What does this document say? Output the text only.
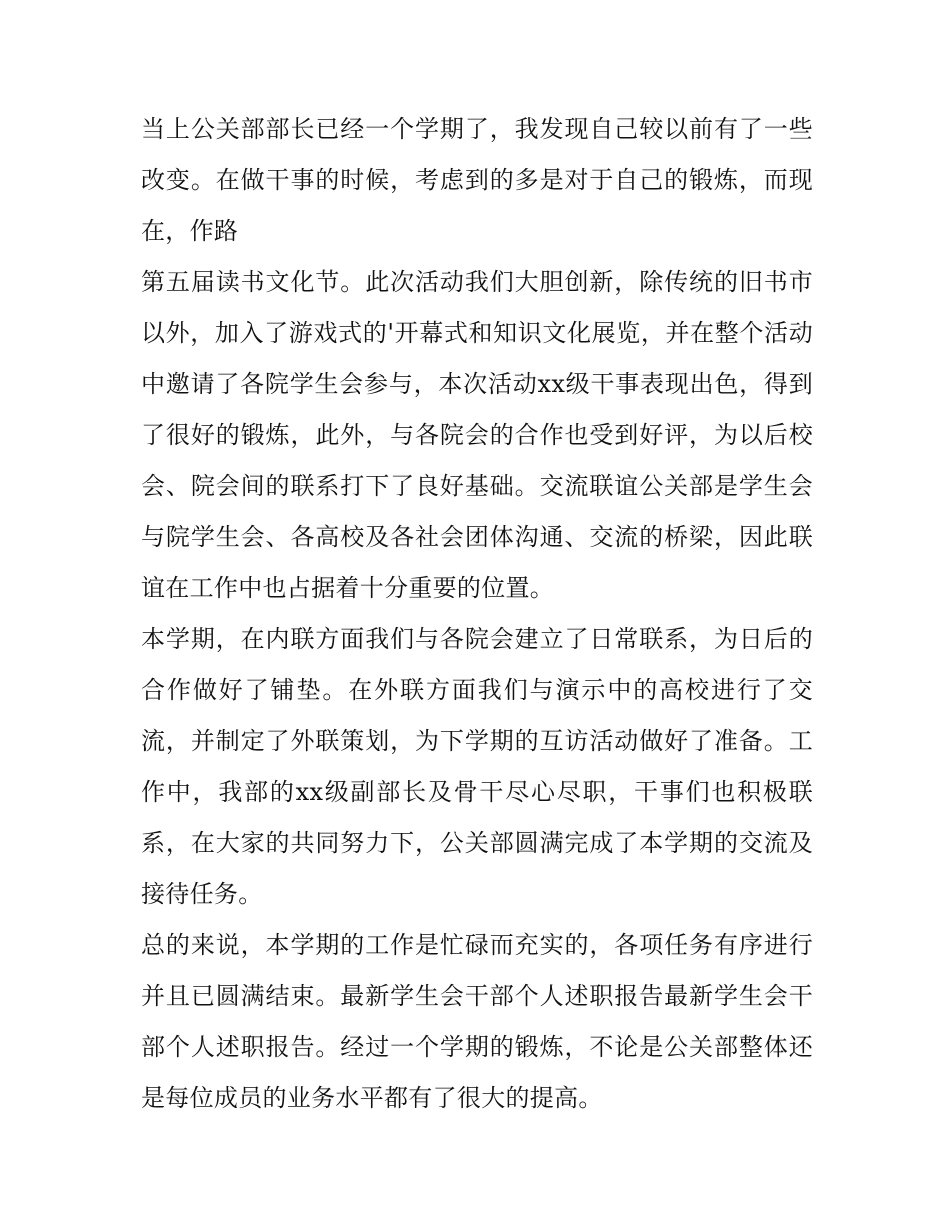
当上公关部部长已经一个学期了，我发现自己较以前有了一些改变。在做干事的时候，考虑到的多是对于自己的锻炼，而现在，作路

第五届读书文化节。此次活动我们大胆创新，除传统的旧书市以外，加入了游戏式的'开幕式和知识文化展览，并在整个活动中邀请了各院学生会参与，本次活动xx级干事表现出色，得到了很好的锻炼，此外，与各院会的合作也受到好评，为以后校会、院会间的联系打下了良好基础。交流联谊公关部是学生会与院学生会、各高校及各社会团体沟通、交流的桥梁，因此联谊在工作中也占据着十分重要的位置。

本学期，在内联方面我们与各院会建立了日常联系，为日后的合作做好了铺垫。在外联方面我们与演示中的高校进行了交流，并制定了外联策划，为下学期的互访活动做好了准备。工作中，我部的xx级副部长及骨干尽心尽职，干事们也积极联系，在大家的共同努力下，公关部圆满完成了本学期的交流及接待任务。

总的来说，本学期的工作是忙碌而充实的，各项任务有序进行并且已圆满结束。最新学生会干部个人述职报告最新学生会干部个人述职报告。经过一个学期的锻炼，不论是公关部整体还是每位成员的业务水平都有了很大的提高。
